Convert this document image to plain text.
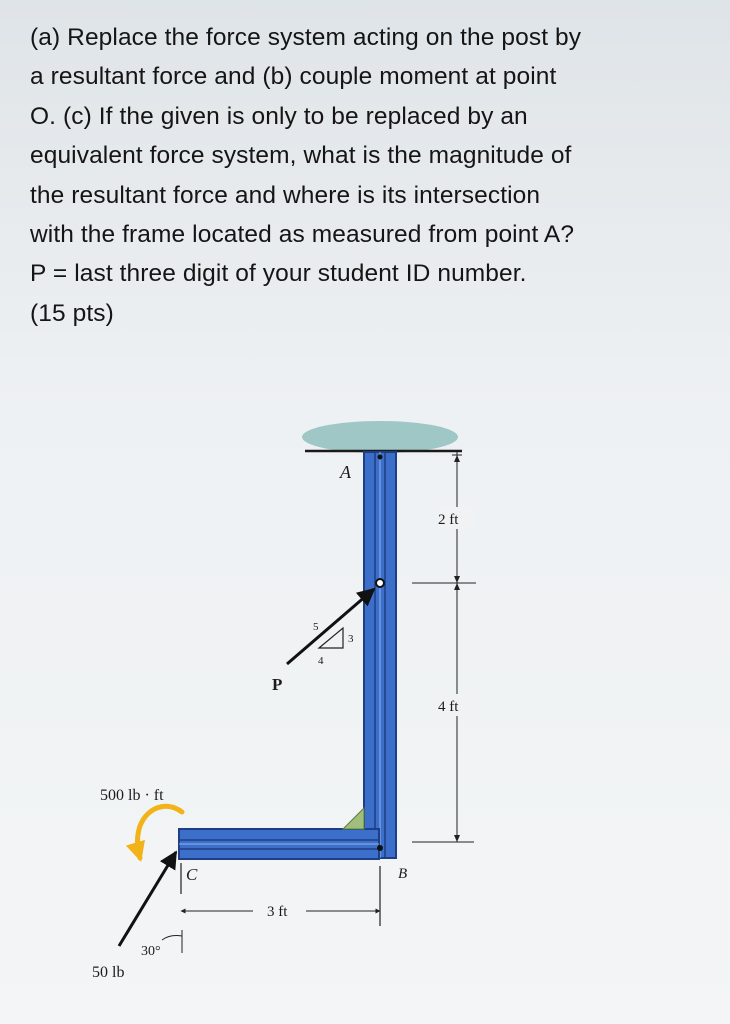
(a) Replace the force system acting on the post by
a resultant force and (b) couple moment at point
O. (c) If the given is only to be replaced by an
equivalent force system, what is the magnitude of
the resultant force and where is its intersection
with the frame located as measured from point A?
P = last three digit of your student ID number.
(15 pts)
A
B
C
P
5
3
4
2 ft
4 ft
3 ft
500 lb · ft
30°
50 lb
